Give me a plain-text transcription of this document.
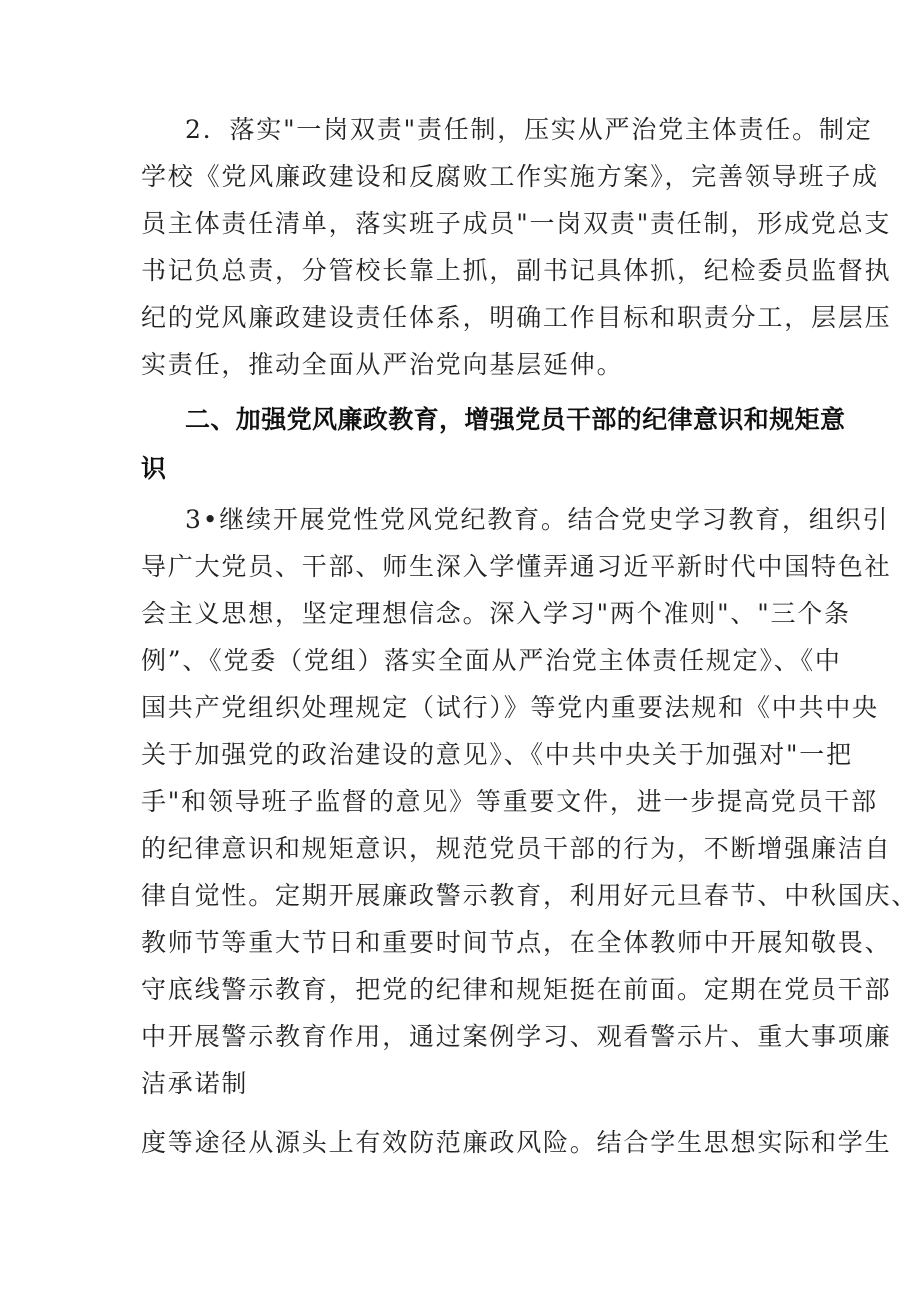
2．落实"一岗双责"责任制，压实从严治党主体责任。制定
学校《党风廉政建设和反腐败工作实施方案》，完善领导班子成
员主体责任清单，落实班子成员"一岗双责"责任制，形成党总支
书记负总责，分管校长靠上抓，副书记具体抓，纪检委员监督执
纪的党风廉政建设责任体系，明确工作目标和职责分工，层层压
实责任，推动全面从严治党向基层延伸。
二、加强党风廉政教育，增强党员干部的纪律意识和规矩意
识
3•继续开展党性党风党纪教育。结合党史学习教育，组织引
导广大党员、干部、师生深入学懂弄通习近平新时代中国特色社
会主义思想，坚定理想信念。深入学习"两个准则"、"三个条
例”、《党委（党组）落实全面从严治党主体责任规定》、《中
国共产党组织处理规定（试行）》等党内重要法规和《中共中央
关于加强党的政治建设的意见》、《中共中央关于加强对"一把
手"和领导班子监督的意见》等重要文件，进一步提高党员干部
的纪律意识和规矩意识，规范党员干部的行为，不断增强廉洁自
律自觉性。定期开展廉政警示教育，利用好元旦春节、中秋国庆、
教师节等重大节日和重要时间节点，在全体教师中开展知敬畏、
守底线警示教育，把党的纪律和规矩挺在前面。定期在党员干部
中开展警示教育作用，通过案例学习、观看警示片、重大事项廉
洁承诺制
度等途径从源头上有效防范廉政风险。结合学生思想实际和学生
